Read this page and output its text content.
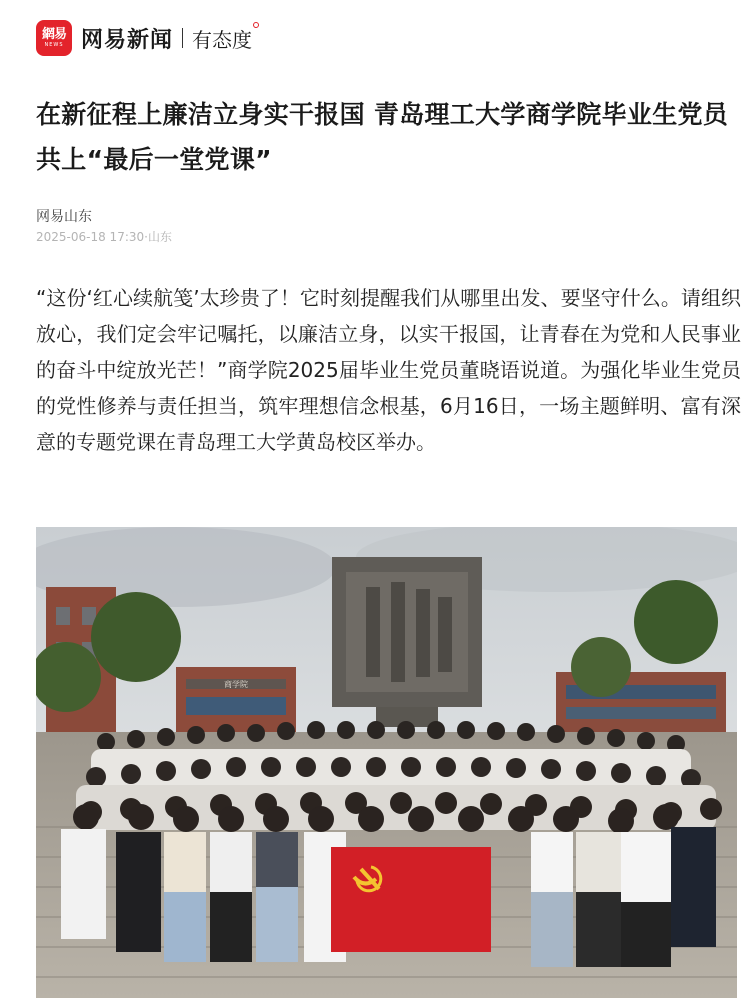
網易
NEWS 网易新闻 有态度
在新征程上廉洁立身实干报国 青岛理工大学商学院毕业生党员共上“最后一堂党课”
网易山东
2025-06-18 17:30·山东

“这份‘红心续航笺’太珍贵了！它时刻提醒我们从哪里出发、要坚守什么。请组织放心，我们定会牢记嘱托，以廉洁立身，以实干报国，让青春在为党和人民事业的奋斗中绽放光芒！”商学院2025届毕业生党员董晓语说道。为强化毕业生党员的党性修养与责任担当，筑牢理想信念根基，6月16日，一场主题鲜明、富有深意的专题党课在青岛理工大学黄岛校区举办。

商学院
